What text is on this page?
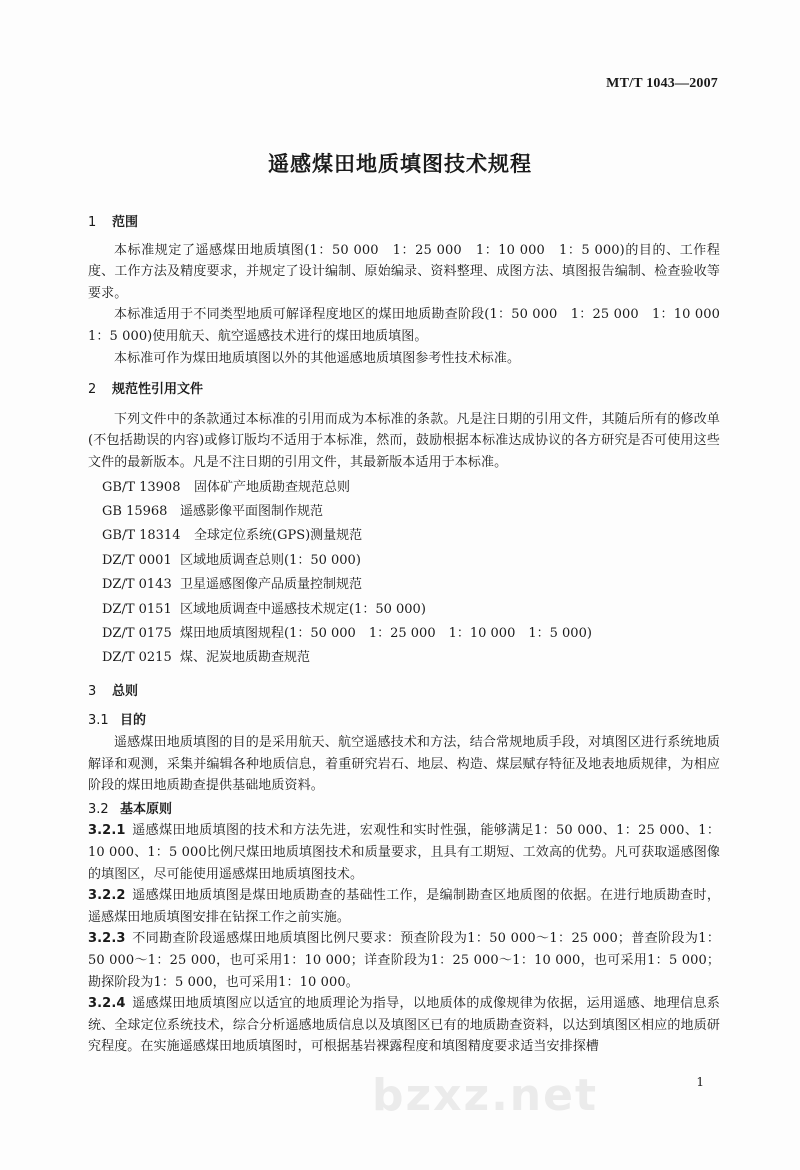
MT/T 1043—2007
遥感煤田地质填图技术规程
1 范围

本标准规定了遥感煤田地质填图(1：50 000　1：25 000　1：10 000　1：5 000)的目的、工作程度、工作方法及精度要求，并规定了设计编制、原始编录、资料整理、成图方法、填图报告编制、检查验收等要求。

本标准适用于不同类型地质可解译程度地区的煤田地质勘查阶段(1：50 000　1：25 000　1：10 000　1：5 000)使用航天、航空遥感技术进行的煤田地质填图。

本标准可作为煤田地质填图以外的其他遥感地质填图参考性技术标准。

2 规范性引用文件

下列文件中的条款通过本标准的引用而成为本标准的条款。凡是注日期的引用文件，其随后所有的修改单(不包括勘误的内容)或修订版均不适用于本标准，然而，鼓励根据本标准达成协议的各方研究是否可使用这些文件的最新版本。凡是不注日期的引用文件，其最新版本适用于本标准。

GB/T 13908 固体矿产地质勘查规范总则

GB 15968 遥感影像平面图制作规范

GB/T 18314 全球定位系统(GPS)测量规范

DZ/T 0001 区域地质调查总则(1：50 000)

DZ/T 0143 卫星遥感图像产品质量控制规范

DZ/T 0151 区域地质调查中遥感技术规定(1：50 000)

DZ/T 0175 煤田地质填图规程(1：50 000　1：25 000　1：10 000　1：5 000)

DZ/T 0215 煤、泥炭地质勘查规范

3 总则
3.1 目的

遥感煤田地质填图的目的是采用航天、航空遥感技术和方法，结合常规地质手段，对填图区进行系统地质解译和观测，采集并编辑各种地质信息，着重研究岩石、地层、构造、煤层赋存特征及地表地质规律，为相应阶段的煤田地质勘查提供基础地质资料。

3.2 基本原则

3.2.1 遥感煤田地质填图的技术和方法先进，宏观性和实时性强，能够满足1：50 000、1：25 000、1：10 000、1：5 000比例尺煤田地质填图技术和质量要求，且具有工期短、工效高的优势。凡可获取遥感图像的填图区，尽可能使用遥感煤田地质填图技术。

3.2.2 遥感煤田地质填图是煤田地质勘查的基础性工作，是编制勘查区地质图的依据。在进行地质勘查时，遥感煤田地质填图安排在钻探工作之前实施。

3.2.3 不同勘查阶段遥感煤田地质填图比例尺要求：预查阶段为1：50 000～1：25 000；普查阶段为1：50 000～1：25 000，也可采用1：10 000；详查阶段为1：25 000～1：10 000，也可采用1：5 000；勘探阶段为1：5 000，也可采用1：10 000。

3.2.4 遥感煤田地质填图应以适宜的地质理论为指导，以地质体的成像规律为依据，运用遥感、地理信息系统、全球定位系统技术，综合分析遥感地质信息以及填图区已有的地质勘查资料，以达到填图区相应的地质研究程度。在实施遥感煤田地质填图时，可根据基岩裸露程度和填图精度要求适当安排探槽

bzxz.net	1
